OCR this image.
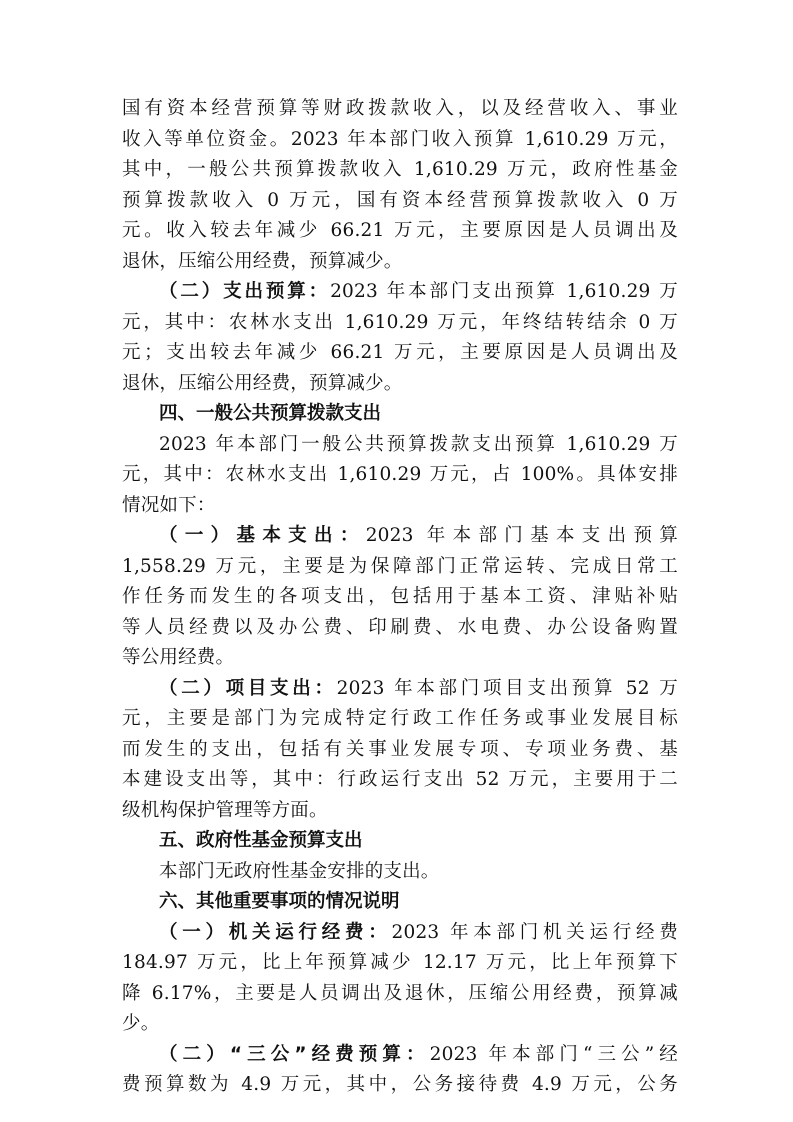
国有资本经营预算等财政拨款收入，以及经营收入、事业

收入等单位资金。2023 年本部门收入预算 1,610.29 万元，

其中，一般公共预算拨款收入 1,610.29 万元，政府性基金

预算拨款收入 0 万元，国有资本经营预算拨款收入 0 万

元。收入较去年减少 66.21 万元，主要原因是人员调出及

退休，压缩公用经费，预算减少。

（二）支出预算：2023 年本部门支出预算 1,610.29 万

元，其中：农林水支出 1,610.29 万元，年终结转结余 0 万

元；支出较去年减少 66.21 万元，主要原因是人员调出及

退休，压缩公用经费，预算减少。

四、一般公共预算拨款支出

2023 年本部门一般公共预算拨款支出预算 1,610.29 万

元，其中：农林水支出 1,610.29 万元，占 100%。具体安排

情况如下：

（一）基本支出：2023 年本部门基本支出预算

1,558.29 万元，主要是为保障部门正常运转、完成日常工

作任务而发生的各项支出，包括用于基本工资、津贴补贴

等人员经费以及办公费、印刷费、水电费、办公设备购置

等公用经费。

（二）项目支出：2023 年本部门项目支出预算 52 万

元，主要是部门为完成特定行政工作任务或事业发展目标

而发生的支出，包括有关事业发展专项、专项业务费、基

本建设支出等，其中：行政运行支出 52 万元，主要用于二

级机构保护管理等方面。

五、政府性基金预算支出

本部门无政府性基金安排的支出。

六、其他重要事项的情况说明

（一）机关运行经费：2023 年本部门机关运行经费

184.97 万元，比上年预算减少 12.17 万元，比上年预算下

降 6.17%，主要是人员调出及退休，压缩公用经费，预算减

少。

（二）“三公”经费预算：2023 年本部门“三公”经

费预算数为 4.9 万元，其中，公务接待费 4.9 万元，公务
